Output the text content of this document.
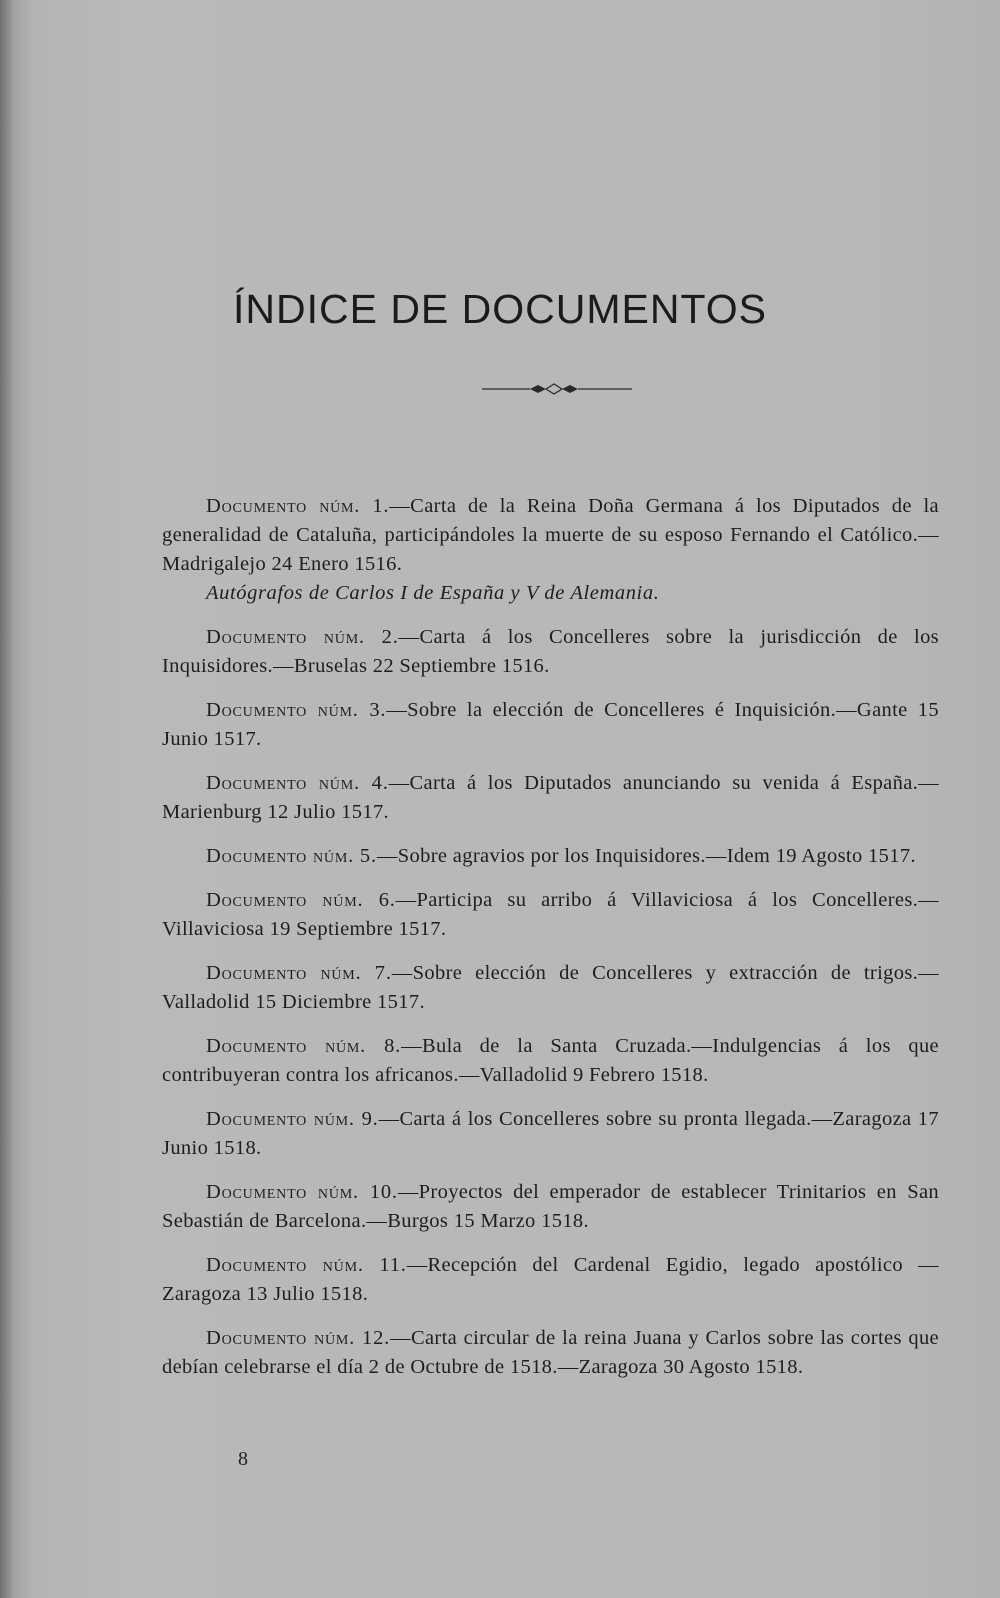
ÍNDICE DE DOCUMENTOS

Documento núm. 1.—Carta de la Reina Doña Germana á los Diputados de la generalidad de Cataluña, participándoles la muerte de su esposo Fernando el Católico.—Madrigalejo 24 Enero 1516.
Autógrafos de Carlos I de España y V de Alemania.

Documento núm. 2.—Carta á los Concelleres sobre la jurisdicción de los Inquisidores.—Bruselas 22 Septiembre 1516.

Documento núm. 3.—Sobre la elección de Concelleres é Inquisición.—Gante 15 Junio 1517.

Documento núm. 4.—Carta á los Diputados anunciando su venida á España.—Marienburg 12 Julio 1517.

Documento núm. 5.—Sobre agravios por los Inquisidores.—Idem 19 Agosto 1517.

Documento núm. 6.—Participa su arribo á Villaviciosa á los Concelleres.—Villaviciosa 19 Septiembre 1517.

Documento núm. 7.—Sobre elección de Concelleres y extracción de trigos.—Valladolid 15 Diciembre 1517.

Documento núm. 8.—Bula de la Santa Cruzada.—Indulgencias á los que contribuyeran contra los africanos.—Valladolid 9 Febrero 1518.

Documento núm. 9.—Carta á los Concelleres sobre su pronta llegada.—Zaragoza 17 Junio 1518.

Documento núm. 10.—Proyectos del emperador de establecer Trinitarios en San Sebastián de Barcelona.—Burgos 15 Marzo 1518.

Documento núm. 11.—Recepción del Cardenal Egidio, legado apostólico —Zaragoza 13 Julio 1518.

Documento núm. 12.—Carta circular de la reina Juana y Carlos sobre las cortes que debían celebrarse el día 2 de Octubre de 1518.—Zaragoza 30 Agosto 1518.

8
